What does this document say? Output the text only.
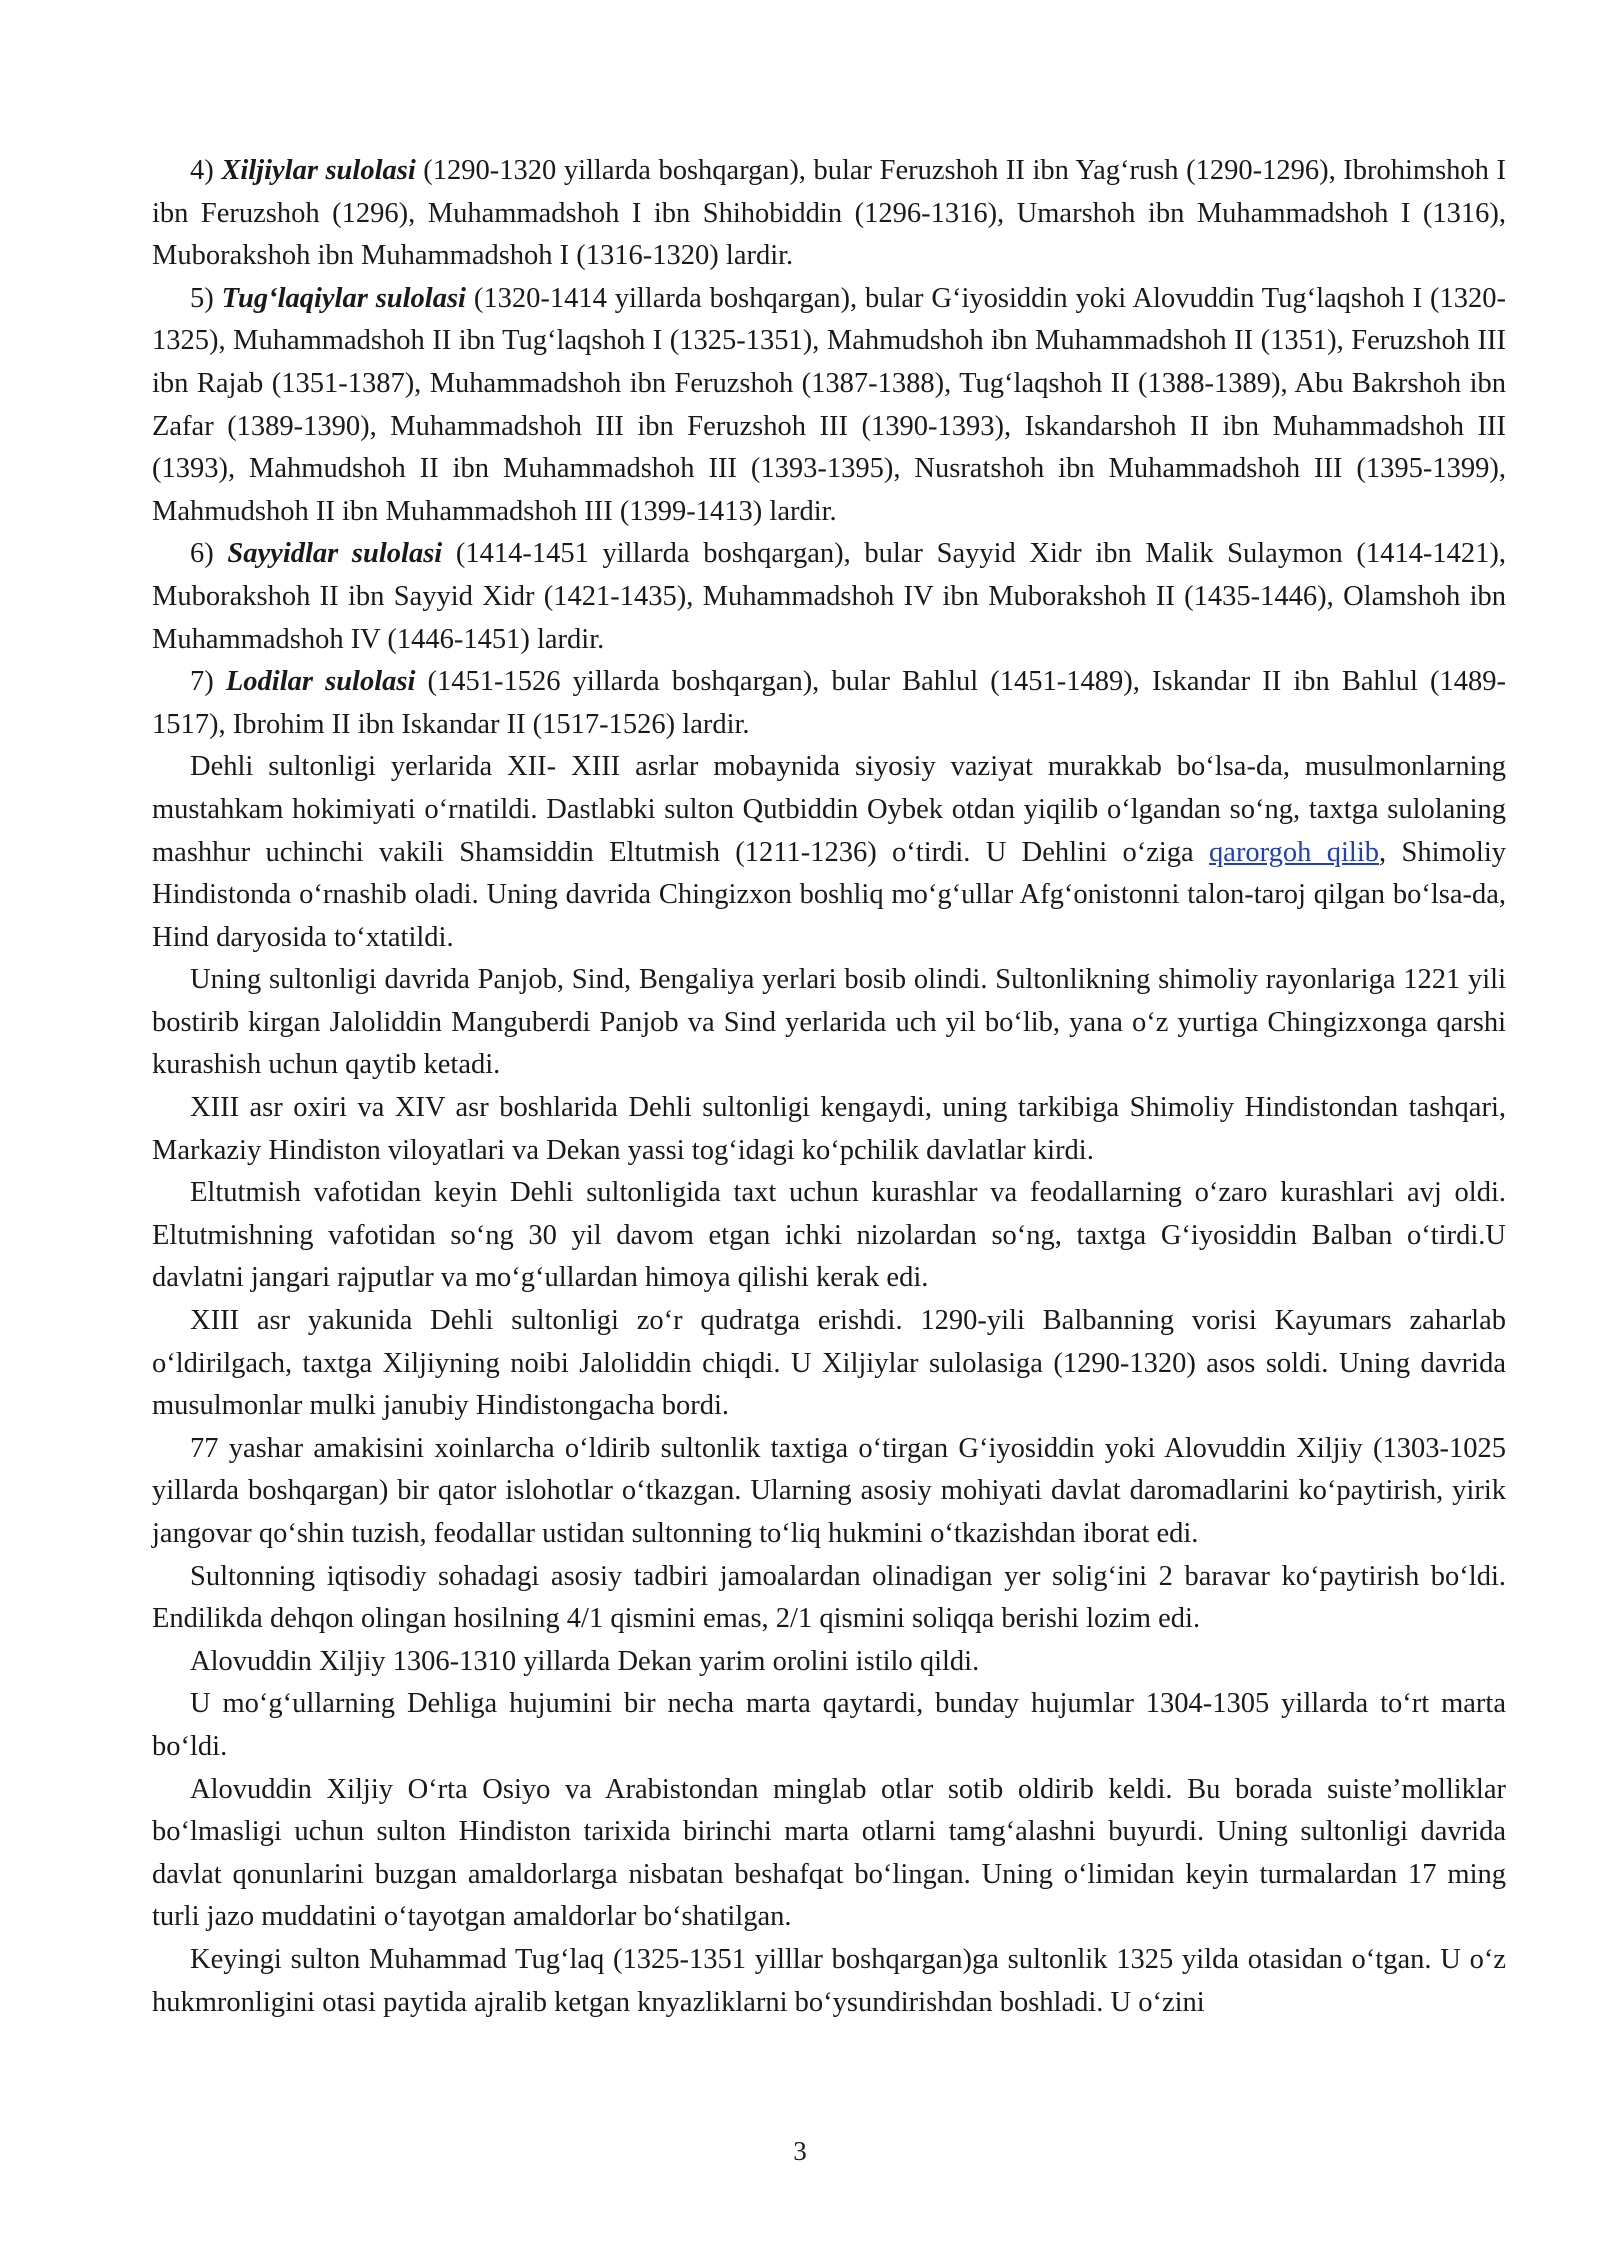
4) Xiljiylar sulolasi (1290-1320 yillarda boshqargan), bular Feruzshoh II ibn Yag‘rush (1290-1296), Ibrohimshoh I ibn Feruzshoh (1296), Muhammadshoh I ibn Shihobiddin (1296-1316), Umarshoh ibn Muhammadshoh I (1316), Muborakshoh ibn Muhammadshoh I (1316-1320) lardir.

5) Tug‘laqiylar sulolasi (1320-1414 yillarda boshqargan), bular G‘iyosiddin yoki Alovuddin Tug‘laqshoh I (1320-1325), Muhammadshoh II ibn Tug‘laqshoh I (1325-1351), Mahmudshoh ibn Muhammadshoh II (1351), Feruzshoh III ibn Rajab (1351-1387), Muhammadshoh ibn Feruzshoh (1387-1388), Tug‘laqshoh II (1388-1389), Abu Bakrshoh ibn Zafar (1389-1390), Muhammadshoh III ibn Feruzshoh III (1390-1393), Iskandarshoh II ibn Muhammadshoh III (1393), Mahmudshoh II ibn Muhammadshoh III (1393-1395), Nusratshoh ibn Muhammadshoh III (1395-1399), Mahmudshoh II ibn Muhammadshoh III (1399-1413) lardir.

6) Sayyidlar sulolasi (1414-1451 yillarda boshqargan), bular Sayyid Xidr ibn Malik Sulaymon (1414-1421), Muborakshoh II ibn Sayyid Xidr (1421-1435), Muhammadshoh IV ibn Muborakshoh II (1435-1446), Olamshoh ibn Muhammadshoh IV (1446-1451) lardir.

7) Lodilar sulolasi (1451-1526 yillarda boshqargan), bular Bahlul (1451-1489), Iskandar II ibn Bahlul (1489-1517), Ibrohim II ibn Iskandar II (1517-1526) lardir.

Dehli sultonligi yerlarida XII- XIII asrlar mobaynida siyosiy vaziyat murakkab bo‘lsa-da, musulmonlarning mustahkam hokimiyati o‘rnatildi. Dastlabki sulton Qutbiddin Oybek otdan yiqilib o‘lgandan so‘ng, taxtga sulolaning mashhur uchinchi vakili Shamsiddin Eltutmish (1211-1236) o‘tirdi. U Dehlini o‘ziga qarorgoh qilib, Shimoliy Hindistonda o‘rnashib oladi. Uning davrida Chingizxon boshliq mo‘g‘ullar Afg‘onistonni talon-taroj qilgan bo‘lsa-da, Hind daryosida to‘xtatildi.

Uning sultonligi davrida Panjob, Sind, Bengaliya yerlari bosib olindi. Sultonlikning shimoliy rayonlariga 1221 yili bostirib kirgan Jaloliddin Manguberdi Panjob va Sind yerlarida uch yil bo‘lib, yana o‘z yurtiga Chingizxonga qarshi kurashish uchun qaytib ketadi.

XIII asr oxiri va XIV asr boshlarida Dehli sultonligi kengaydi, uning tarkibiga Shimoliy Hindistondan tashqari, Markaziy Hindiston viloyatlari va Dekan yassi tog‘idagi ko‘pchilik davlatlar kirdi.

Eltutmish vafotidan keyin Dehli sultonligida taxt uchun kurashlar va feodallarning o‘zaro kurashlari avj oldi. Eltutmishning vafotidan so‘ng 30 yil davom etgan ichki nizolardan so‘ng, taxtga G‘iyosiddin Balban o‘tirdi.U davlatni jangari rajputlar va mo‘g‘ullardan himoya qilishi kerak edi.

XIII asr yakunida Dehli sultonligi zo‘r qudratga erishdi. 1290-yili Balbanning vorisi Kayumars zaharlab o‘ldirilgach, taxtga Xiljiyning noibi Jaloliddin chiqdi. U Xiljiylar sulolasiga (1290-1320) asos soldi. Uning davrida musulmonlar mulki janubiy Hindistongacha bordi.

77 yashar amakisini xoinlarcha o‘ldirib sultonlik taxtiga o‘tirgan G‘iyosiddin yoki Alovuddin Xiljiy (1303-1025 yillarda boshqargan) bir qator islohotlar o‘tkazgan. Ularning asosiy mohiyati davlat daromadlarini ko‘paytirish, yirik jangovar qo‘shin tuzish, feodallar ustidan sultonning to‘liq hukmini o‘tkazishdan iborat edi.

Sultonning iqtisodiy sohadagi asosiy tadbiri jamoalardan olinadigan yer solig‘ini 2 baravar ko‘paytirish bo‘ldi. Endilikda dehqon olingan hosilning 4/1 qismini emas, 2/1 qismini soliqqa berishi lozim edi.

Alovuddin Xiljiy 1306-1310 yillarda Dekan yarim orolini istilo qildi.

U mo‘g‘ullarning Dehliga hujumini bir necha marta qaytardi, bunday hujumlar 1304-1305 yillarda to‘rt marta bo‘ldi.

Alovuddin Xiljiy O‘rta Osiyo va Arabistondan minglab otlar sotib oldirib keldi. Bu borada suiste’molliklar bo‘lmasligi uchun sulton Hindiston tarixida birinchi marta otlarni tamg‘alashni buyurdi. Uning sultonligi davrida davlat qonunlarini buzgan amaldorlarga nisbatan beshafqat bo‘lingan. Uning o‘limidan keyin turmalardan 17 ming turli jazo muddatini o‘tayotgan amaldorlar bo‘shatilgan.

Keyingi sulton Muhammad Tug‘laq (1325-1351 yilllar boshqargan)ga sultonlik 1325 yilda otasidan o‘tgan. U o‘z hukmronligini otasi paytida ajralib ketgan knyazliklarni bo‘ysundirishdan boshladi. U o‘zini

3
